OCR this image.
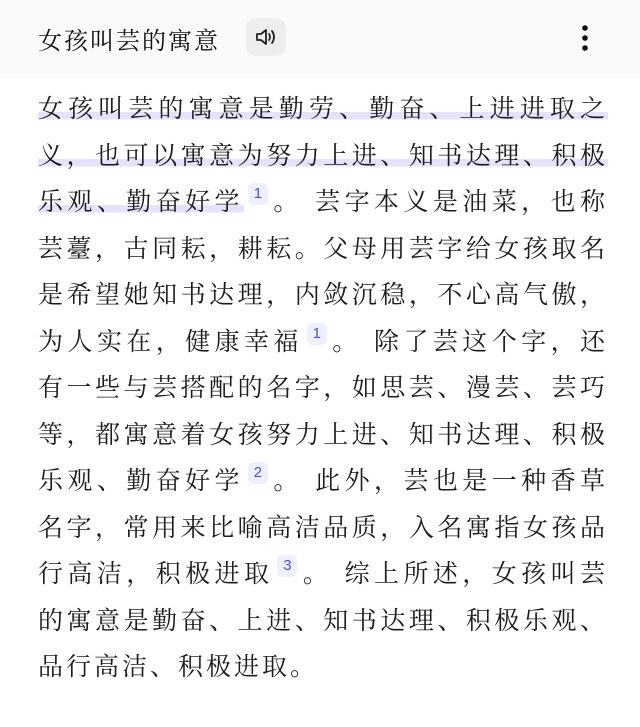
女孩叫芸的寓意
女孩叫芸的寓意是勤劳、勤奋、上进进取之义，也可以寓意为努力上进、知书达理、积极乐观、勤奋好学 1 。 芸字本义是油菜，也称芸薹，古同耘，耕耘。父母用芸字给女孩取名是希望她知书达理，内敛沉稳，不心高气傲，为人实在，健康幸福 1 。 除了芸这个字，还有一些与芸搭配的名字，如思芸、漫芸、芸巧等，都寓意着女孩努力上进、知书达理、积极乐观、勤奋好学 2 。 此外，芸也是一种香草名字，常用来比喻高洁品质，入名寓指女孩品行高洁，积极进取 3 。 综上所述，女孩叫芸的寓意是勤奋、上进、知书达理、积极乐观、品行高洁、积极进取。
